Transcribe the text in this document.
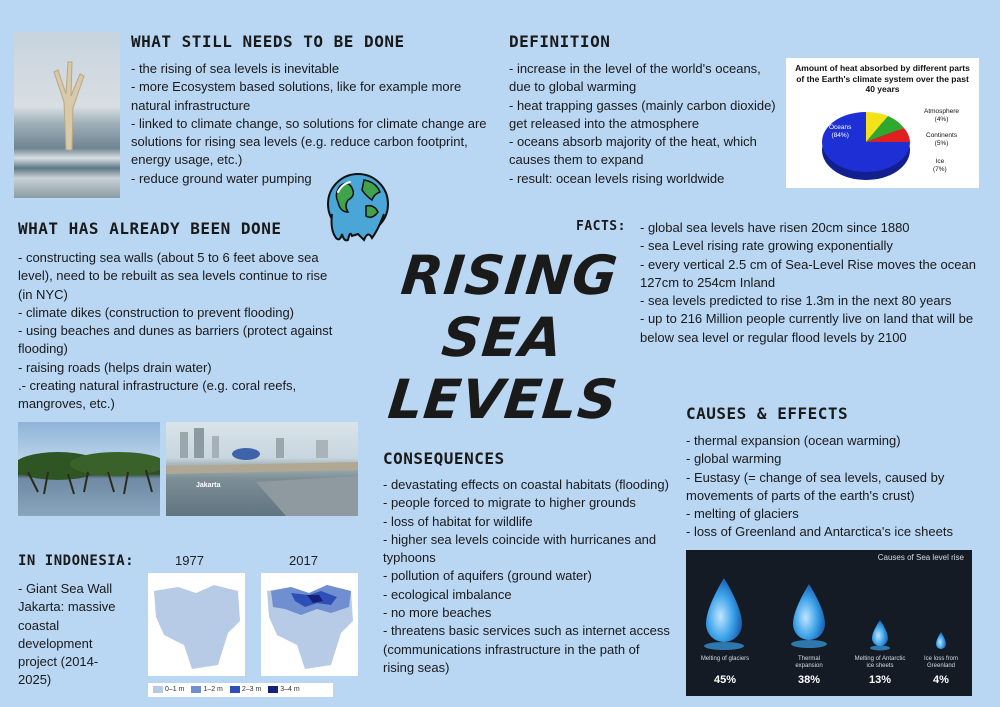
WHAT STILL NEEDS TO BE DONE

- the rising of sea levels is inevitable

- more Ecosystem based solutions, like for example more natural infrastructure

- linked to climate change, so solutions for climate change are solutions for rising sea levels (e.g. reduce carbon footprint, energy usage, etc.)

- reduce ground water pumping

WHAT HAS ALREADY BEEN DONE

- constructing sea walls (about 5 to 6 feet above sea level), need to be rebuilt as sea levels continue to rise (in NYC)

- climate dikes (construction to prevent flooding)

- using beaches and dunes as barriers (protect against flooding)

- raising roads (helps drain water)

.- creating natural infrastructure (e.g. coral reefs, mangroves, etc.)

Jakarta
DEFINITION

- increase in the level of the world's oceans, due to global warming

- heat trapping gasses (mainly carbon dioxide) get released into the atmosphere

- oceans absorb majority of the heat, which causes them to expand

- result: ocean levels rising worldwide

Amount of heat absorbed by different parts of the Earth's climate system over the past 40 years
Oceans
(84%)
Atmosphere
(4%)
Continents
(5%)
Ice
(7%)
RISING
SEA
LEVELS
FACTS: - global sea levels have risen 20cm since 1880

- sea Level rising rate growing exponentially

- every vertical 2.5 cm of Sea-Level Rise moves the ocean 127cm to 254cm Inland

- sea levels predicted to rise 1.3m in the next 80 years

- up to 216 Million people currently live on land that will be below sea level or regular flood levels by 2100

CAUSES & EFFECTS

- thermal expansion (ocean warming)

- global warming

- Eustasy (= change of sea levels, caused by movements of parts of the earth's crust)

- melting of glaciers

- loss of Greenland and Antarctica's ice sheets

Causes of Sea level rise
Melting of glaciers	Thermal expansion
Melting of Antarctic ice sheets
Ice loss from Greenland
45%	38%	13%	4%
CONSEQUENCES

- devastating effects on coastal habitats (flooding)

- people forced to migrate to higher grounds

- loss of habitat for wildlife

- higher sea levels coincide with hurricanes and typhoons

- pollution of aquifers (ground water)

- ecological imbalance

- no more beaches

- threatens basic services such as internet access (communications infrastructure in the path of rising seas)

IN INDONESIA:

- Giant Sea Wall Jakarta: massive coastal development project (2014-2025)

1977	2017
0–1 m
	1–2 m
	2–3 m
	3–4 m
